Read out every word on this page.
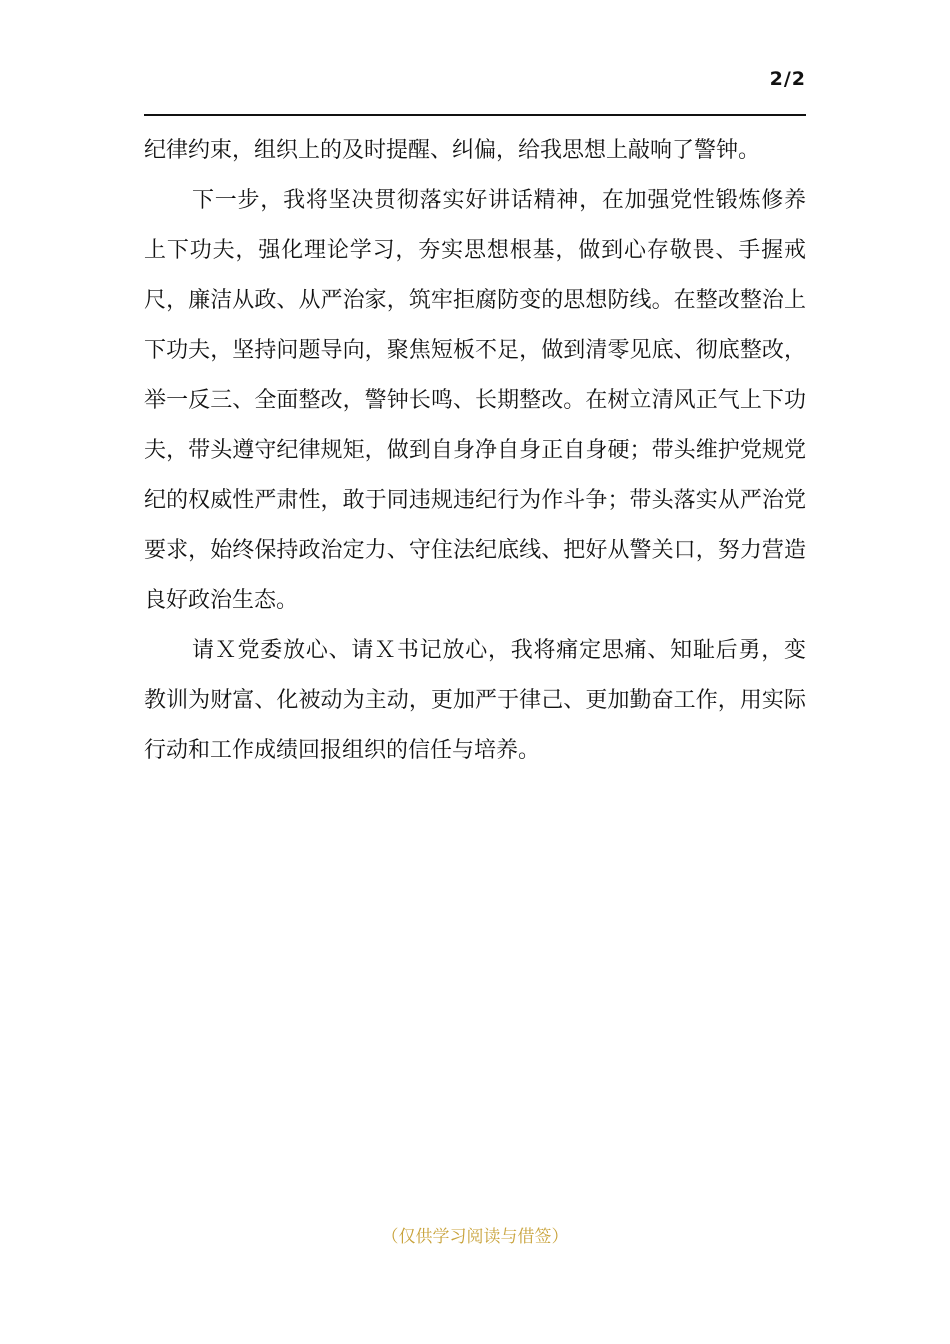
2/2

纪律约束，组织上的及时提醒、纠偏，给我思想上敲响了警钟。

下一步，我将坚决贯彻落实好讲话精神，在加强党性锻炼修养上下功夫，强化理论学习，夯实思想根基，做到心存敬畏、手握戒尺，廉洁从政、从严治家，筑牢拒腐防变的思想防线。在整改整治上下功夫，坚持问题导向，聚焦短板不足，做到清零见底、彻底整改，举一反三、全面整改，警钟长鸣、长期整改。在树立清风正气上下功夫，带头遵守纪律规矩，做到自身净自身正自身硬；带头维护党规党纪的权威性严肃性，敢于同违规违纪行为作斗争；带头落实从严治党要求，始终保持政治定力、守住法纪底线、把好从警关口，努力营造良好政治生态。

请Ｘ党委放心、请Ｘ书记放心，我将痛定思痛、知耻后勇，变教训为财富、化被动为主动，更加严于律己、更加勤奋工作，用实际行动和工作成绩回报组织的信任与培养。

（仅供学习阅读与借签）
